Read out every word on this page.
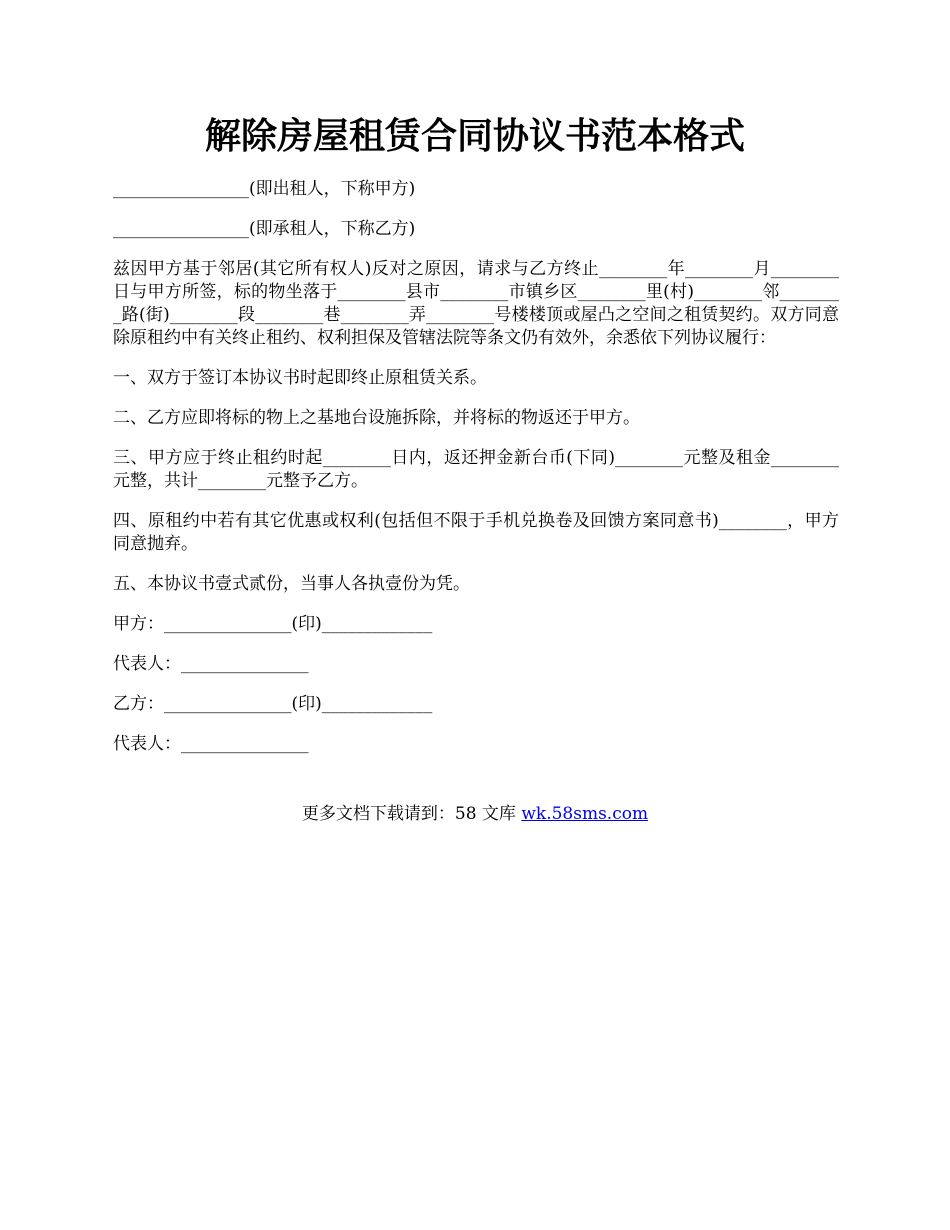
解除房屋租赁合同协议书范本格式

________________(即出租人，下称甲方)

________________(即承租人，下称乙方)

兹因甲方基于邻居(其它所有权人)反对之原因，请求与乙方终止________年________月________日与甲方所签，标的物坐落于________县市________市镇乡区________里(村)________邻________路(街)________段________巷________弄________号楼楼顶或屋凸之空间之租赁契约。双方同意除原租约中有关终止租约、权利担保及管辖法院等条文仍有效外，余悉依下列协议履行：

一、双方于签订本协议书时起即终止原租赁关系。

二、乙方应即将标的物上之基地台设施拆除，并将标的物返还于甲方。

三、甲方应于终止租约时起________日内，返还押金新台币(下同)________元整及租金________元整，共计________元整予乙方。

四、原租约中若有其它优惠或权利(包括但不限于手机兑换卷及回馈方案同意书)________，甲方同意抛弃。

五、本协议书壹式贰份，当事人各执壹份为凭。

甲方：_______________(印)_____________

代表人：_______________

乙方：_______________(印)_____________

代表人：_______________

更多文档下载请到：58 文库 wk.58sms.com
